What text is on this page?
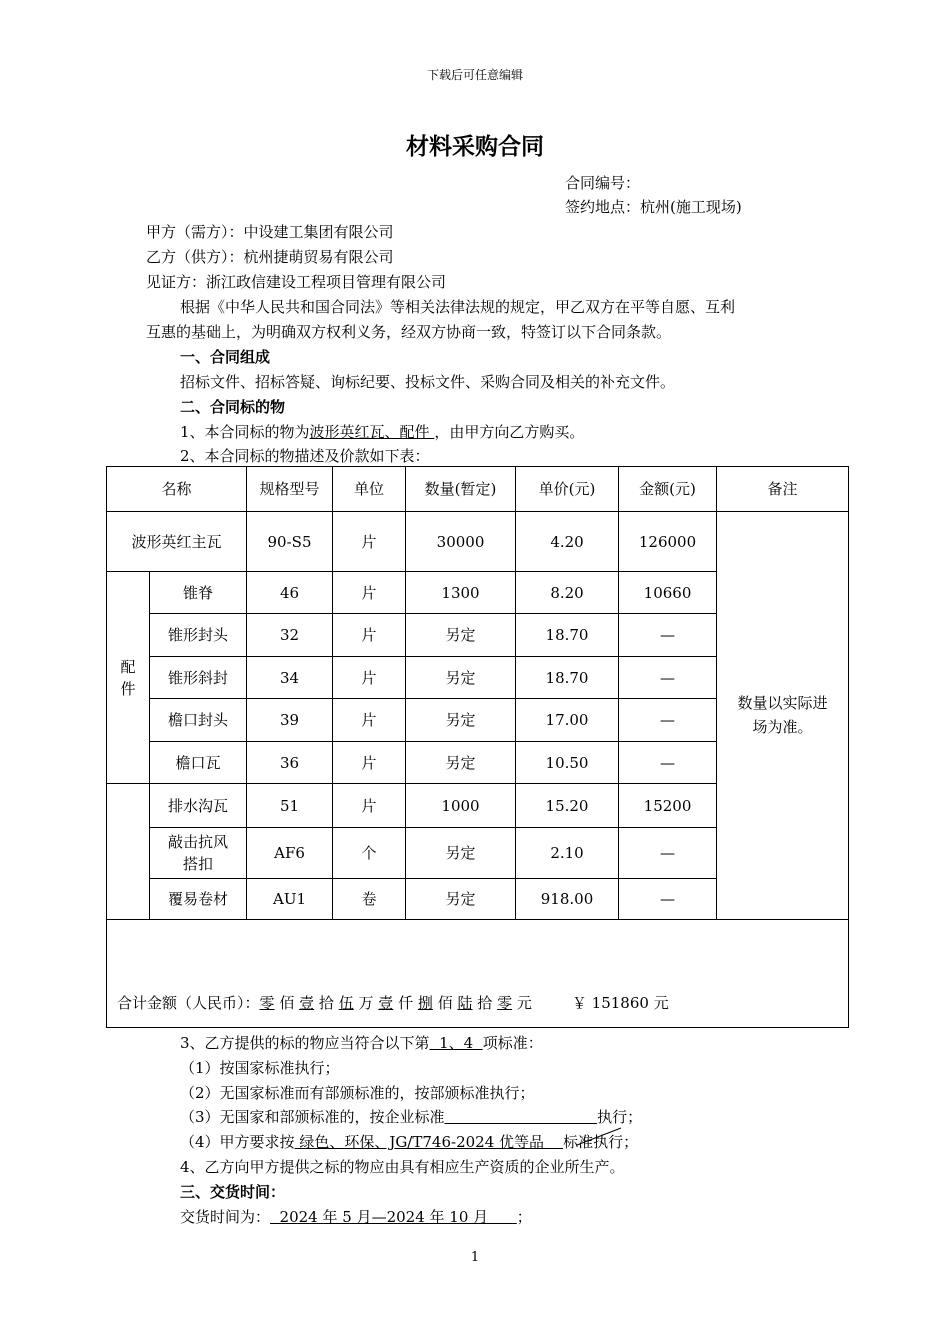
下载后可任意编辑
材料采购合同
合同编号：
签约地点：杭州(施工现场)
甲方（需方）：中设建工集团有限公司
乙方（供方）：杭州捷萌贸易有限公司
见证方：浙江政信建设工程项目管理有限公司
根据《中华人民共和国合同法》等相关法律法规的规定，甲乙双方在平等自愿、互利
互惠的基础上，为明确双方权利义务，经双方协商一致，特签订以下合同条款。
一、合同组成
招标文件、招标答疑、询标纪要、投标文件、采购合同及相关的补充文件。
二、合同标的物
1、本合同标的物为波形英红瓦、配件 ，由甲方向乙方购买。
2、本合同标的物描述及价款如下表：
名称		规格型号	单位	数量(暂定)	单价(元)	金额(元)	备注
波形英红主瓦		90-S5	片	30000	4.20	126000	数量以实际进场为准。

配件	锥脊	46	片	1300	8.20	10660	
	锥形封头	32	片	另定	18.70	—	
	锥形斜封	34	片	另定	18.70	—	
	檐口封头	39	片	另定	17.00	—	
	檐口瓦	36	片	另定	10.50	—	
	排水沟瓦	51	片	1000	15.20	15200	

	敲击抗风搭扣	AF6	个	另定	2.10	—	
	覆易卷材	AU1	卷	另定	918.00	—	
合计金额（人民币）：零 佰 壹 拾 伍 万 壹 仟 捌 佰 陆 拾 零 元 ￥ 151860 元							
3、乙方提供的标的物应当符合以下第  1、4  项标准：
（1）按国家标准执行；
（2）无国家标准而有部颁标准的，按部颁标准执行；
（3）无国家和部颁标准的，按企业标准	执行；
（4）甲方要求按 绿色、环保、JG/T746-2024 优等品    标准执行；
4、乙方向甲方提供之标的物应由具有相应生产资质的企业所生产。
三、交货时间：
交货时间为：  2024 年 5 月—2024 年 10 月      ；
1
